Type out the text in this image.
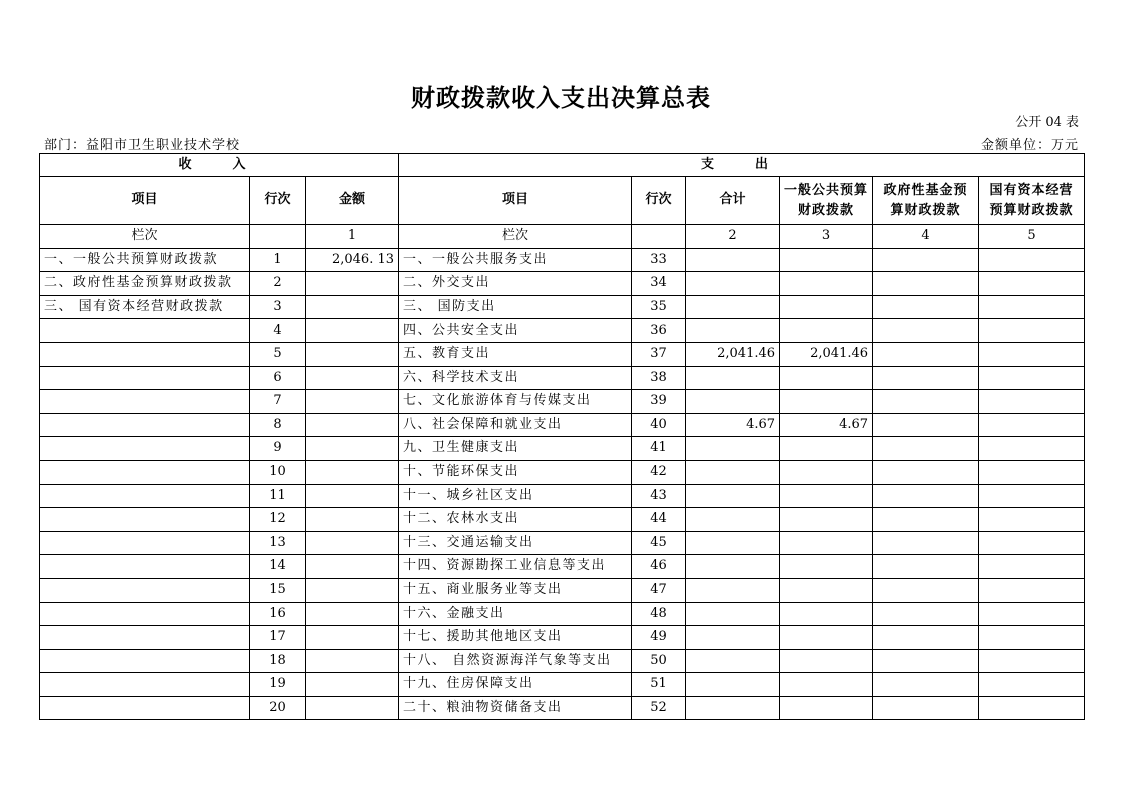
财政拨款收入支出决算总表
公开 04 表
部门：益阳市卫生职业技术学校	金额单位：万元
收　入			支　出					
项目	行次	金额	项目	行次	合计	一般公共预算财政拨款	政府性基金预算财政拨款	国有资本经营预算财政拨款

栏次		1	栏次		2	3	4	5
一、一般公共预算财政拨款	1	2,046. 13	一、一般公共服务支出	33				
二、政府性基金预算财政拨款	2		二、外交支出	34				
三、 国有资本经营财政拨款	3		三、 国防支出	35				
	4		四、公共安全支出	36				
	5		五、教育支出	37	2,041.46	2,041.46		
	6		六、科学技术支出	38				
	7		七、文化旅游体育与传媒支出	39				
	8		八、社会保障和就业支出	40	4.67	4.67		
	9		九、卫生健康支出	41				
	10		十、节能环保支出	42				
	11		十一、城乡社区支出	43				
	12		十二、农林水支出	44				
	13		十三、交通运输支出	45				
	14		十四、资源勘探工业信息等支出	46				
	15		十五、商业服务业等支出	47				
	16		十六、金融支出	48				
	17		十七、援助其他地区支出	49				
	18		十八、 自然资源海洋气象等支出	50				
	19		十九、住房保障支出	51				
	20		二十、粮油物资储备支出	52				
